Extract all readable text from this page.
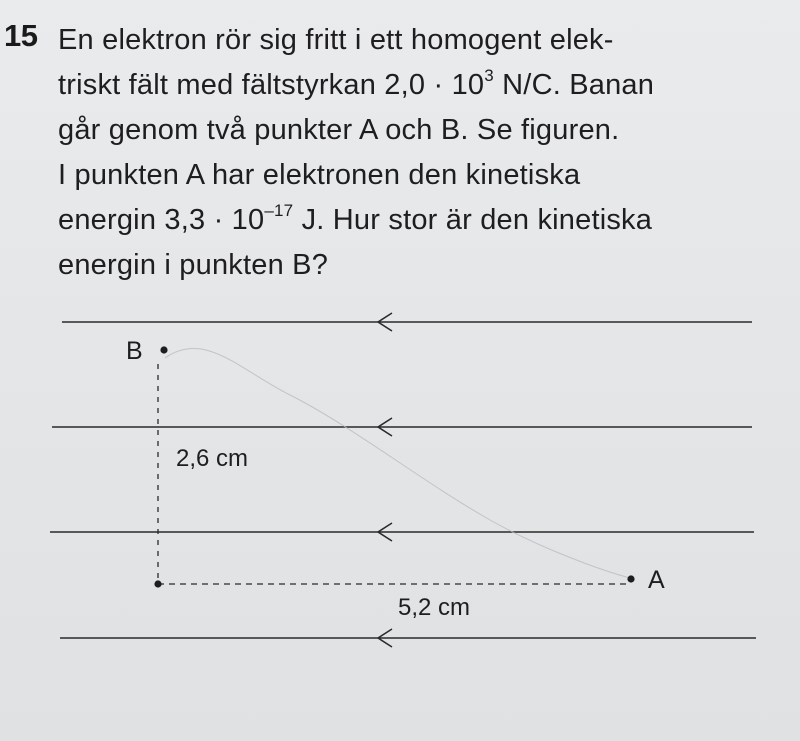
15 En elektron rör sig fritt i ett homogent elek-
triskt fält med fältstyrkan $2,0 \cdot 10^3$ N/C. Banan
går genom två punkter A och B. Se figuren.
I punkten A har elektronen den kinetiska
energin $3,3 \cdot 10^{-17}$ J. Hur stor är den kinetiska
energin i punkten B?
B
A
2,6 cm
5,2 cm
